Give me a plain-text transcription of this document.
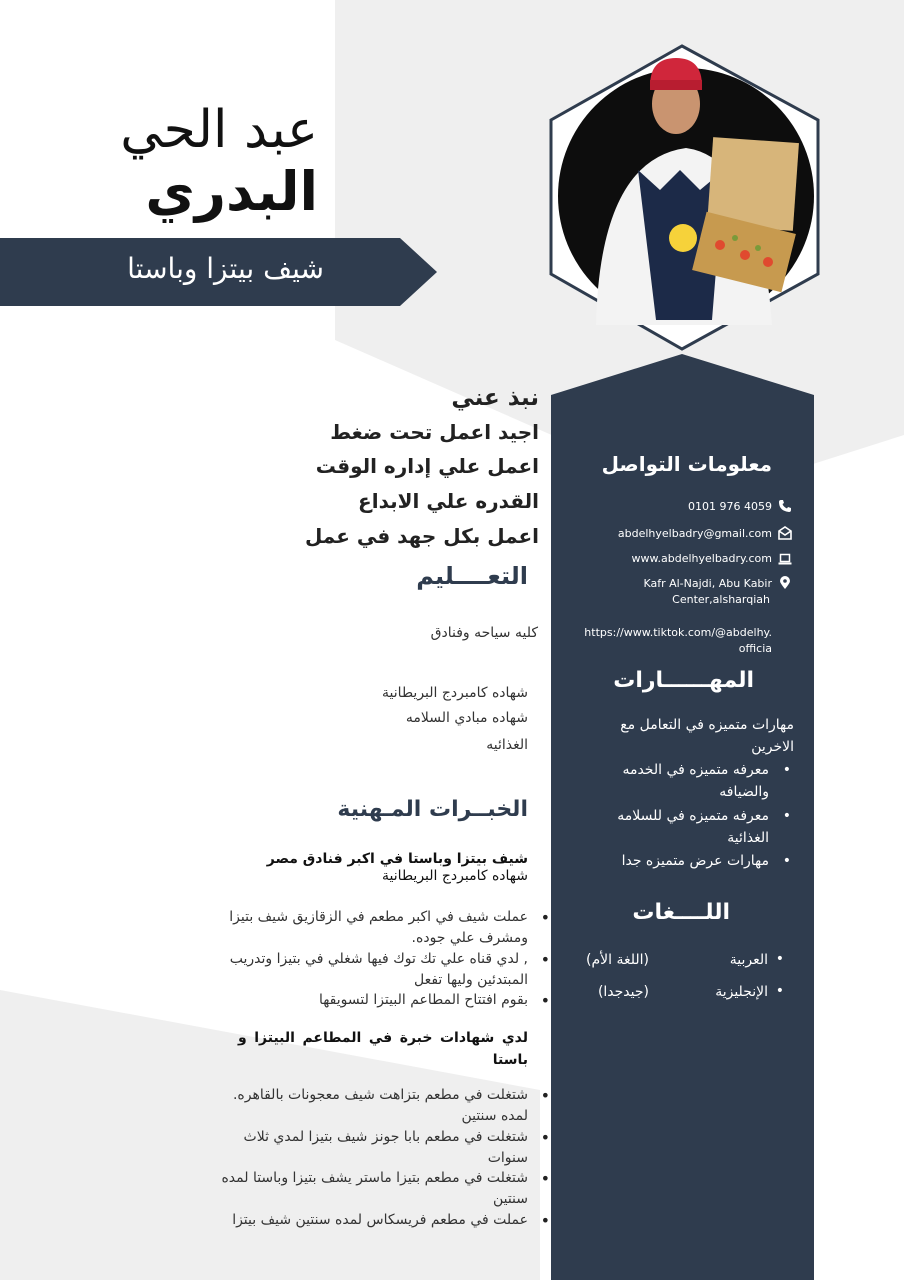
عبد الحي
البدري
شيف بيتزا وباستا
نبذ عني
اجيد اعمل تحت ضغط
اعمل علي إداره الوقت
القدره علي الابداع
اعمل بكل جهد في عمل
التعــــليم
كليه سياحه وفنادق
شهاده كامبردج البريطانية
شهاده مبادي السلامه
الغذائيه
الخبــرات المـهنية
شيف بيتزا وباستا في اكبر فنادق مصر
شهاده كامبردج البريطانية
• عملت شيف في اكبر مطعم في الزقازيق شيف بتيزا ومشرف علي جوده.
• , لدي قناه علي تك توك فيها شغلي في بتيزا وتدريب المبتدئين وليها تفعل
• بقوم افتتاح المطاعم البيتزا لتسويقها
لدي شهادات خبرة في المطاعم البيتزا و باستا
• شتغلت في مطعم بتزاهت شيف معجونات بالقاهره. لمده سنتين
• شتغلت في مطعم بابا جونز شيف بتيزا لمدي ثلاث سنوات
• شتغلت في مطعم بتيزا ماستر يشف بتيزا وباستا لمده سنتين
• عملت في مطعم فريسكاس لمده سنتين شيف بيتزا
معلومات التواصل
0101 976 4059
abdelhyelbadry@gmail.com
www.abdelhyelbadry.com
Kafr Al-Najdi, Abu Kabir
Center,alsharqiah
https://www.tiktok.com/@abdelhy.
officia
المهــــــارات
مهارات متميزه في التعامل مع الاخرين
• معرفه متميزه في الخدمه والضيافه
• معرفه متميزه في للسلامه الغذائية
• مهارات عرض متميزه جدا
اللــــغات
•
العربية
(اللغة الأم)
•
الإنجليزية
(جيدجدا)
